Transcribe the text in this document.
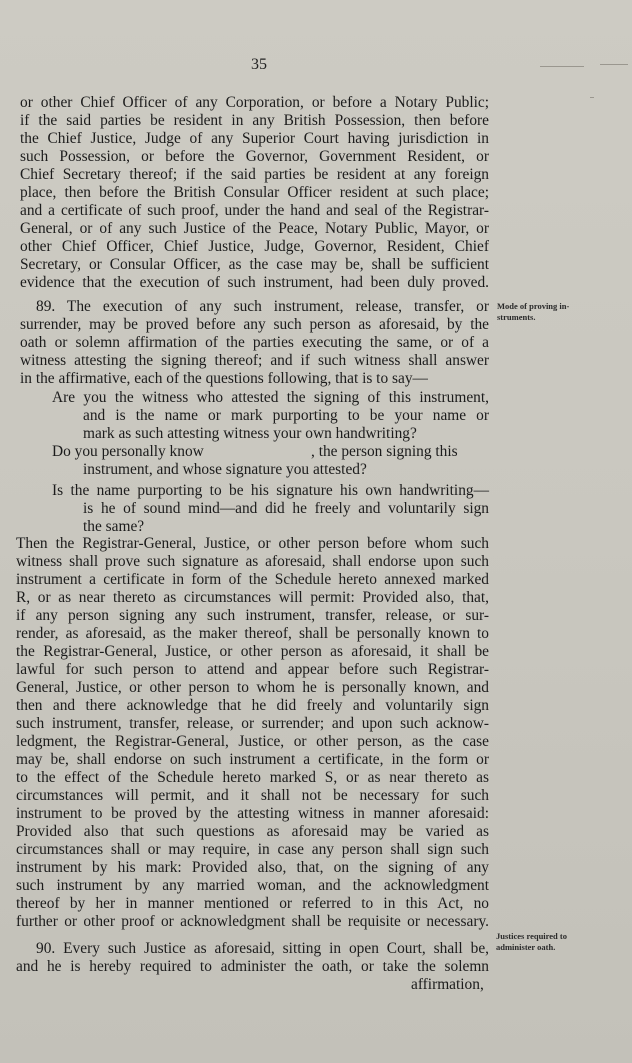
35
or other Chief Officer of any Corporation, or before a Notary Public;
if the said parties be resident in any British Possession, then before
the Chief Justice, Judge of any Superior Court having jurisdiction in
such Possession, or before the Governor, Government Resident, or
Chief Secretary thereof; if the said parties be resident at any foreign
place, then before the British Consular Officer resident at such place;
and a certificate of such proof, under the hand and seal of the Registrar-
General, or of any such Justice of the Peace, Notary Public, Mayor, or
other Chief Officer, Chief Justice, Judge, Governor, Resident, Chief
Secretary, or Consular Officer, as the case may be, shall be sufficient
evidence that the execution of such instrument, had been duly proved.
89. The execution of any such instrument, release, transfer, or
surrender, may be proved before any such person as aforesaid, by the
oath or solemn affirmation of the parties executing the same, or of a
witness attesting the signing thereof; and if such witness shall answer
in the affirmative, each of the questions following, that is to say—
Are you the witness who attested the signing of this instrument,
and is the name or mark purporting to be your name or
mark as such attesting witness your own handwriting?
Do you personally know	, the person signing this
instrument, and whose signature you attested?
Is the name purporting to be his signature his own handwriting—
is he of sound mind—and did he freely and voluntarily sign
the same?
Then the Registrar-General, Justice, or other person before whom such
witness shall prove such signature as aforesaid, shall endorse upon such
instrument a certificate in form of the Schedule hereto annexed marked
R, or as near thereto as circumstances will permit: Provided also, that,
if any person signing any such instrument, transfer, release, or sur-
render, as aforesaid, as the maker thereof, shall be personally known to
the Registrar-General, Justice, or other person as aforesaid, it shall be
lawful for such person to attend and appear before such Registrar-
General, Justice, or other person to whom he is personally known, and
then and there acknowledge that he did freely and voluntarily sign
such instrument, transfer, release, or surrender; and upon such acknow-
ledgment, the Registrar-General, Justice, or other person, as the case
may be, shall endorse on such instrument a certificate, in the form or
to the effect of the Schedule hereto marked S, or as near thereto as
circumstances will permit, and it shall not be necessary for such
instrument to be proved by the attesting witness in manner aforesaid:
Provided also that such questions as aforesaid may be varied as
circumstances shall or may require, in case any person shall sign such
instrument by his mark: Provided also, that, on the signing of any
such instrument by any married woman, and the acknowledgment
thereof by her in manner mentioned or referred to in this Act, no
further or other proof or acknowledgment shall be requisite or necessary.
90. Every such Justice as aforesaid, sitting in open Court, shall be,
and he is hereby required to administer the oath, or take the solemn
affirmation,
Mode of proving in-
struments.
Justices required to
administer oath.
